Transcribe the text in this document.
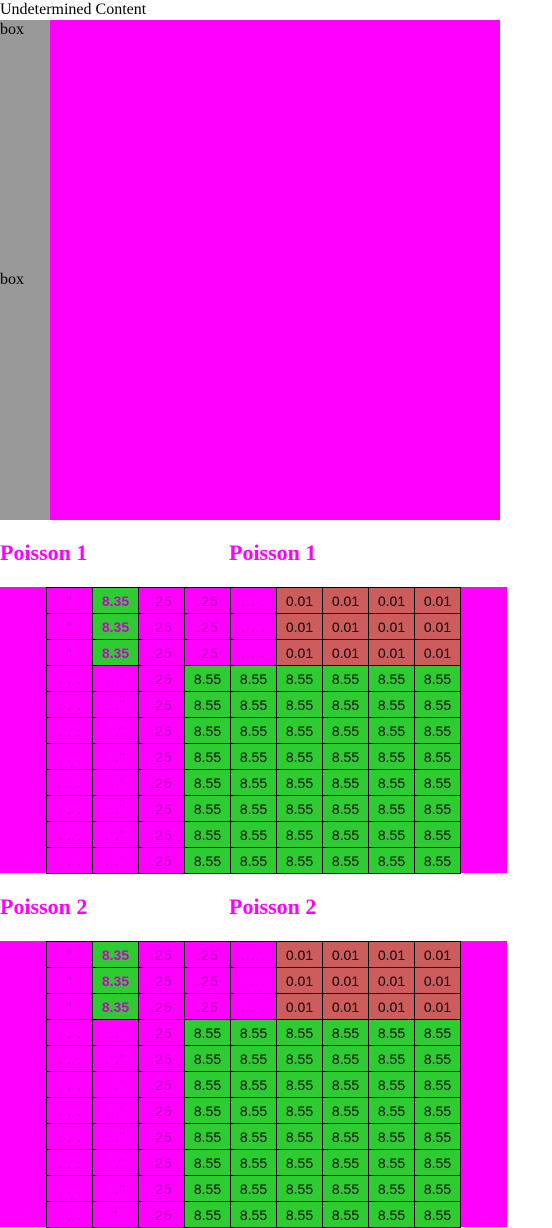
Undetermined Content
box
box
Poisson 1	Poisson 1
"	8.35	.25	.25	. . .	0.01	0.01	0.01	0.01
"	8.35	.25	.25	. . .	0.01	0.01	0.01	0.01
"	8.35	.25	.25	. . .	0.01	0.01	0.01	0.01
. . .	. ."	.25	8.55	8.55	8.55	8.55	8.55	8.55
. . .	. ."	.25	8.55	8.55	8.55	8.55	8.55	8.55
. . .	. ."	.25	8.55	8.55	8.55	8.55	8.55	8.55
. . .	. ."	.25	8.55	8.55	8.55	8.55	8.55	8.55
. . .	. ."	.25	8.55	8.55	8.55	8.55	8.55	8.55
. . .	. ."	.25	8.55	8.55	8.55	8.55	8.55	8.55
. . .	. ."	.25	8.55	8.55	8.55	8.55	8.55	8.55
. . .	. ."	.25	8.55	8.55	8.55	8.55	8.55	8.55
Poisson 2	Poisson 2
"	8.35	.25	.25	. . .	0.01	0.01	0.01	0.01
"	8.35	.25	.25	. . .	0.01	0.01	0.01	0.01
"	8.35	.25	.25	. . .	0.01	0.01	0.01	0.01
. . .	. ."	.25	8.55	8.55	8.55	8.55	8.55	8.55
. . .	. ."	.25	8.55	8.55	8.55	8.55	8.55	8.55
. . .	. ."	.25	8.55	8.55	8.55	8.55	8.55	8.55
. . .	. ."	.25	8.55	8.55	8.55	8.55	8.55	8.55
. . .	. ."	.25	8.55	8.55	8.55	8.55	8.55	8.55
. . .	. ."	.25	8.55	8.55	8.55	8.55	8.55	8.55
. . .	. ."	.25	8.55	8.55	8.55	8.55	8.55	8.55
. . .	"	.25	8.55	8.55	8.55	8.55	8.55	8.55
